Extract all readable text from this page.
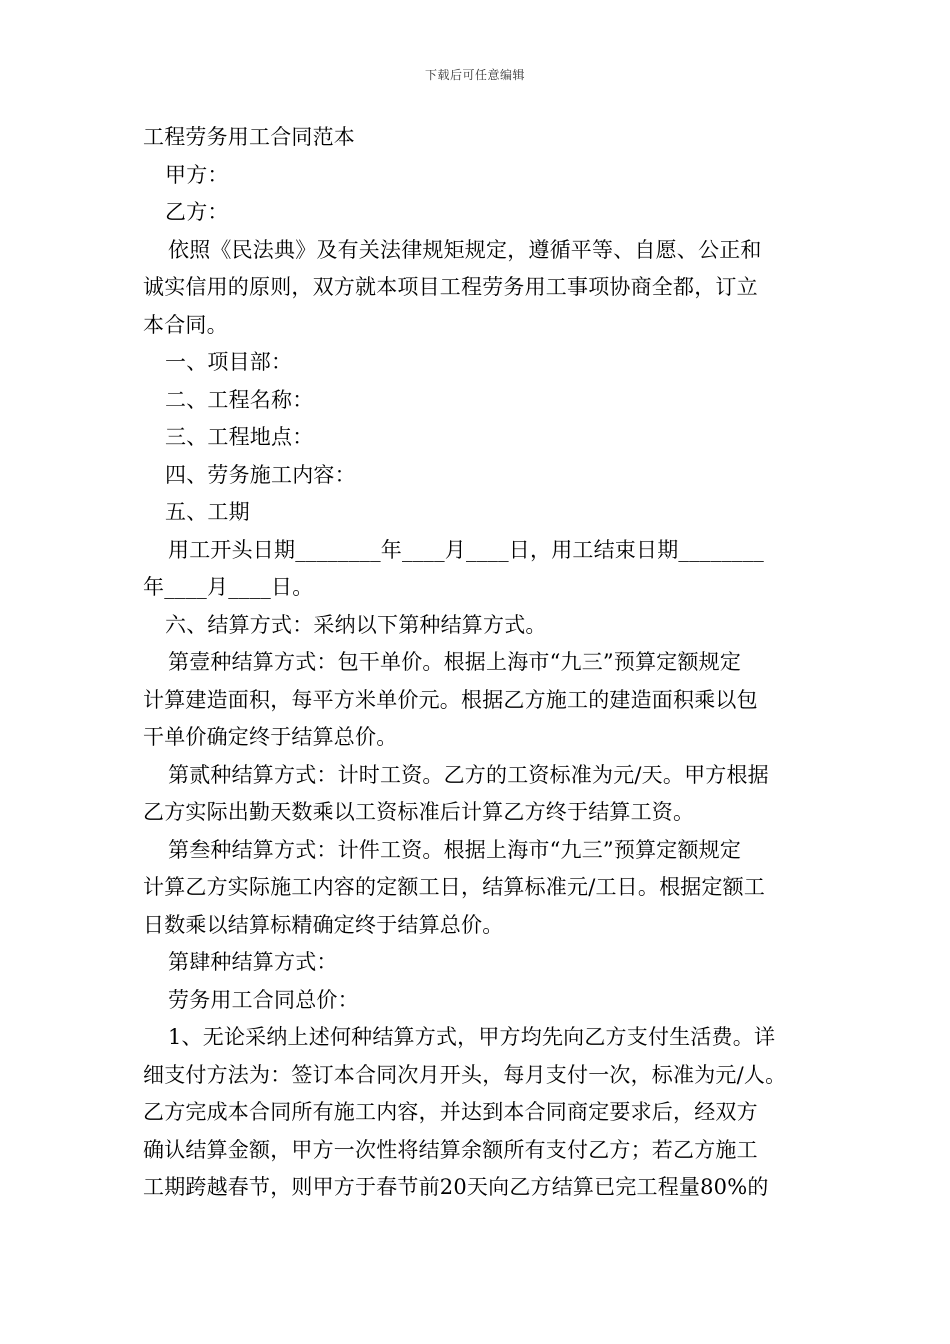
下载后可任意编辑
工程劳务用工合同范本
甲方：
乙方：
依照《民法典》及有关法律规矩规定，遵循平等、自愿、公正和
诚实信用的原则，双方就本项目工程劳务用工事项协商全都，订立
本合同。
一、项目部：
二、工程名称：
三、工程地点：
四、劳务施工内容：
五、工期
用工开头日期________年____月____日，用工结束日期________
年____月____日。
六、结算方式：采纳以下第种结算方式。
第壹种结算方式：包干单价。根据上海市“九三”预算定额规定
计算建造面积，每平方米单价元。根据乙方施工的建造面积乘以包
干单价确定终于结算总价。
第贰种结算方式：计时工资。乙方的工资标准为元/天。甲方根据
乙方实际出勤天数乘以工资标准后计算乙方终于结算工资。
第叁种结算方式：计件工资。根据上海市“九三”预算定额规定
计算乙方实际施工内容的定额工日，结算标准元/工日。根据定额工
日数乘以结算标精确定终于结算总价。
第肆种结算方式：
劳务用工合同总价：
1、无论采纳上述何种结算方式，甲方均先向乙方支付生活费。详
细支付方法为：签订本合同次月开头，每月支付一次，标准为元/人。
乙方完成本合同所有施工内容，并达到本合同商定要求后，经双方
确认结算金额，甲方一次性将结算余额所有支付乙方；若乙方施工
工期跨越春节，则甲方于春节前20天向乙方结算已完工程量80%的
